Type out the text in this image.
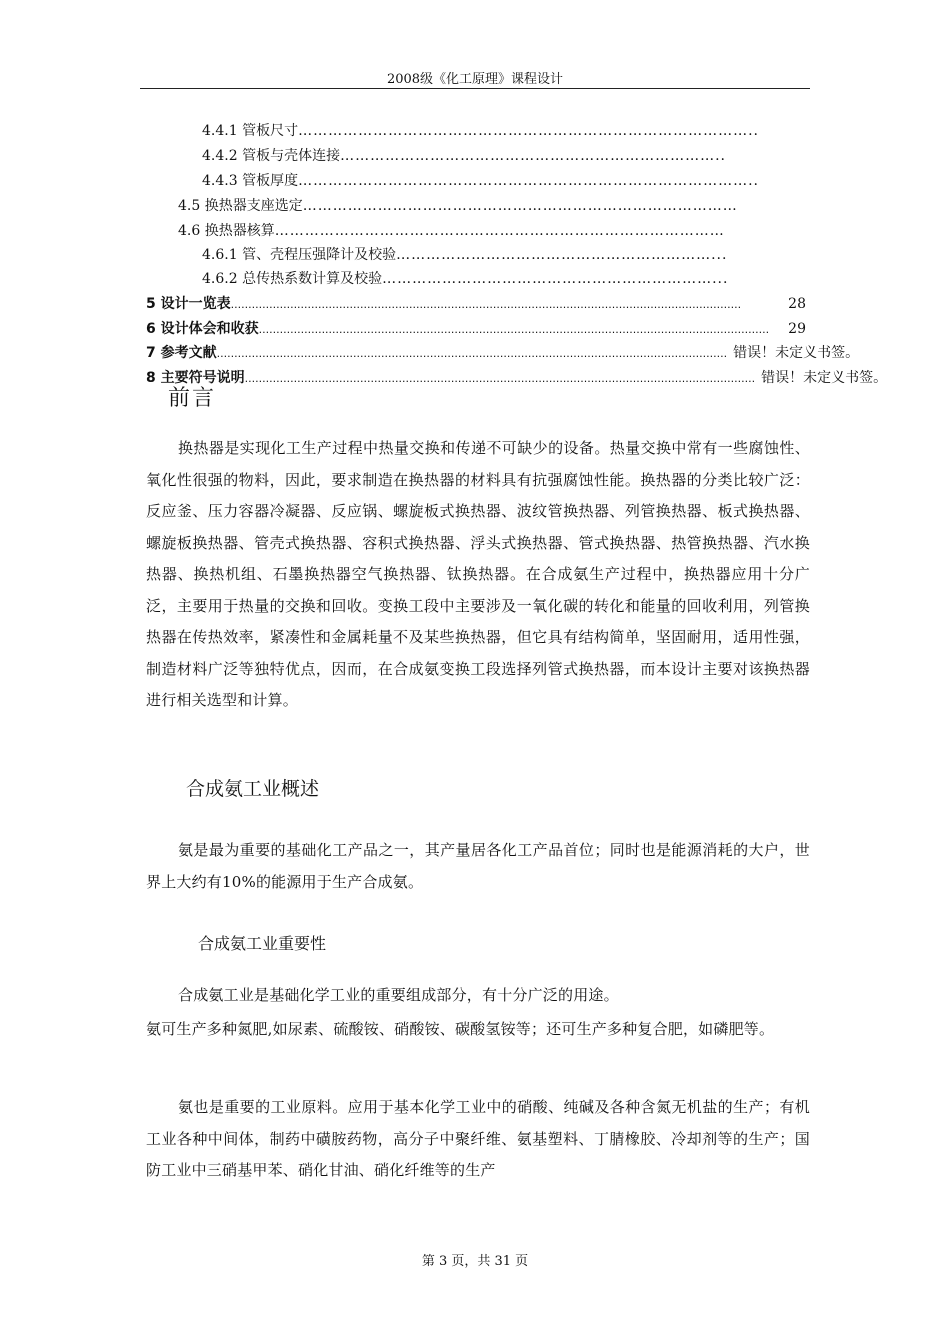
2008级《化工原理》课程设计
4.4.1 管板尺寸 ………………………………………………………………………………..
4.4.2 管板与壳体连接 …………………………………………………………………..
4.4.3 管板厚度 ………………………………………………………………………………..
4.5 换热器支座选定 ……………………………………………………………………………
4.6 换热器核算 ………………………………………………………………………………
4.6.1 管、壳程压强降计及校验 ………………………………………………………...
4.6.2 总传热系数计算及校验 …………………………………………………………...
5 设计一览表 ..................................................................................................................................................	28
6 设计体会和收获 ..................................................................................................................................................	29
7 参考文献 .................................................................................................................................................. 错误！未定义书签。
8 主要符号说明 .................................................................................................................................................. 错误！未定义书签。
前言

换热器是实现化工生产过程中热量交换和传递不可缺少的设备。热量交换中常有一些腐蚀性、氧化性很强的物料，因此，要求制造在换热器的材料具有抗强腐蚀性能。换热器的分类比较广泛：反应釜、压力容器冷凝器、反应锅、螺旋板式换热器、波纹管换热器、列管换热器、板式换热器、螺旋板换热器、管壳式换热器、容积式换热器、浮头式换热器、管式换热器、热管换热器、汽水换热器、换热机组、石墨换热器空气换热器、钛换热器。在合成氨生产过程中，换热器应用十分广泛，主要用于热量的交换和回收。变换工段中主要涉及一氧化碳的转化和能量的回收利用，列管换热器在传热效率，紧凑性和金属耗量不及某些换热器，但它具有结构简单，坚固耐用，适用性强，制造材料广泛等独特优点，因而，在合成氨变换工段选择列管式换热器，而本设计主要对该换热器进行相关选型和计算。

合成氨工业概述

氨是最为重要的基础化工产品之一，其产量居各化工产品首位；同时也是能源消耗的大户，世界上大约有10%的能源用于生产合成氨。

合成氨工业重要性

合成氨工业是基础化学工业的重要组成部分，有十分广泛的用途。

氨可生产多种氮肥,如尿素、硫酸铵、硝酸铵、碳酸氢铵等；还可生产多种复合肥，如磷肥等。

氨也是重要的工业原料。应用于基本化学工业中的硝酸、纯碱及各种含氮无机盐的生产；有机工业各种中间体，制药中磺胺药物，高分子中聚纤维、氨基塑料、丁腈橡胶、冷却剂等的生产；国防工业中三硝基甲苯、硝化甘油、硝化纤维等的生产

第 3 页，共 31 页
